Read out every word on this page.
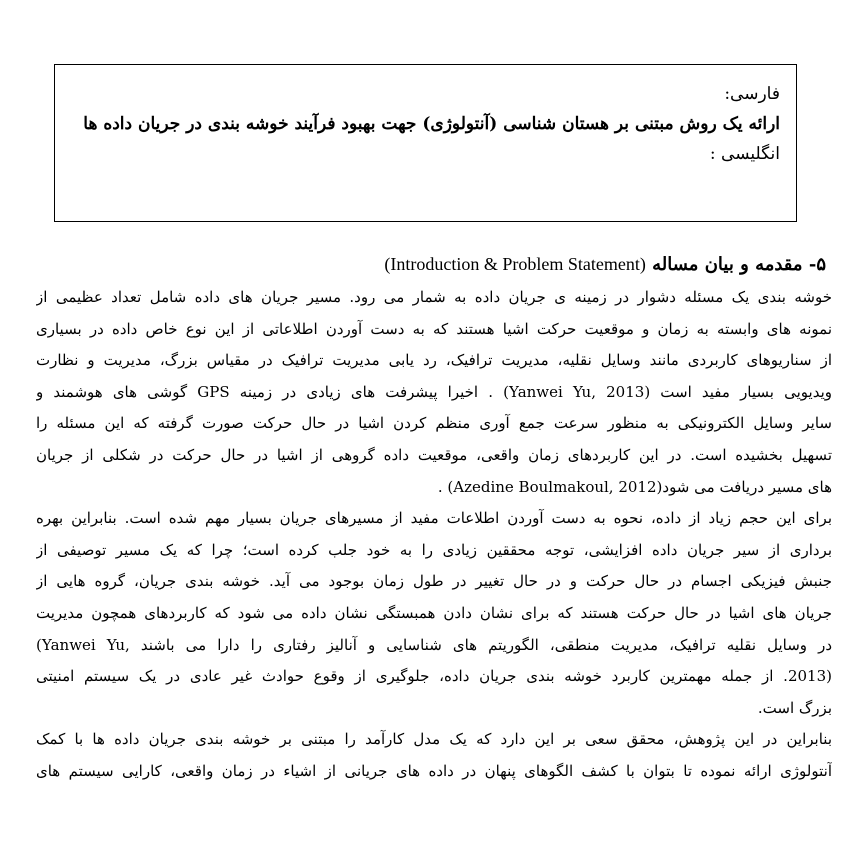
فارسی:
ارائه یک روش مبتنی بر هستان شناسی (آنتولوژی) جهت بهبود فرآیند خوشه بندی در جریان داده ها
انگلیسی :
۵- مقدمه و بیان مساله (Introduction & Problem Statement)
خوشه بندی یک مسئله دشوار در زمینه ی جریان داده به شمار می رود. مسیر جریان های داده شامل تعداد عظیمی از
نمونه های وابسته به زمان و موقعیت حرکت اشیا هستند که به دست آوردن اطلاعاتی از این نوع خاص داده در بسیاری
از سناریوهای کاربردی مانند وسایل نقلیه، مدیریت ترافیک، رد یابی مدیریت ترافیک در مقیاس بزرگ، مدیریت و نظارت
ویدیویی بسیار مفید است (Yanwei Yu, 2013) . اخیرا پیشرفت های زیادی در زمینه GPS گوشی های هوشمند و
سایر وسایل الکترونیکی به منظور سرعت جمع آوری منظم کردن اشیا در حال حرکت صورت گرفته که این مسئله را
تسهیل بخشیده است. در این کاربردهای زمان واقعی، موقعیت داده گروهی از اشیا در حال حرکت در شکلی از جریان
های مسیر دریافت می شود(Azedine Boulmakoul, 2012) .
برای این حجم زیاد از داده، نحوه به دست آوردن اطلاعات مفید از مسیرهای جریان بسیار مهم شده است. بنابراین بهره
برداری از سیر جریان داده افزایشی، توجه محققین زیادی را به خود جلب کرده است؛ چرا که یک مسیر توصیفی از
جنبش فیزیکی اجسام در حال حرکت و در حال تغییر در طول زمان بوجود می آید. خوشه بندی جریان، گروه هایی از
جریان های اشیا در حال حرکت هستند که برای نشان دادن همبستگی نشان داده می شود که کاربردهای همچون مدیریت
در وسایل نقلیه ترافیک، مدیریت منطقی، الگوریتم های شناسایی و آنالیز رفتاری را دارا می باشند ,Yanwei Yu)
(2013. از جمله مهمترین کاربرد خوشه بندی جریان داده، جلوگیری از وقوع حوادث غیر عادی در یک سیستم امنیتی
بزرگ است.
بنابراین در این پژوهش، محقق سعی بر این دارد که یک مدل کارآمد را مبتنی بر خوشه بندی جریان داده ها با کمک
آنتولوژی ارائه نموده تا بتوان با کشف الگوهای پنهان در داده های جریانی از اشیاء در زمان واقعی، کارایی سیستم های
